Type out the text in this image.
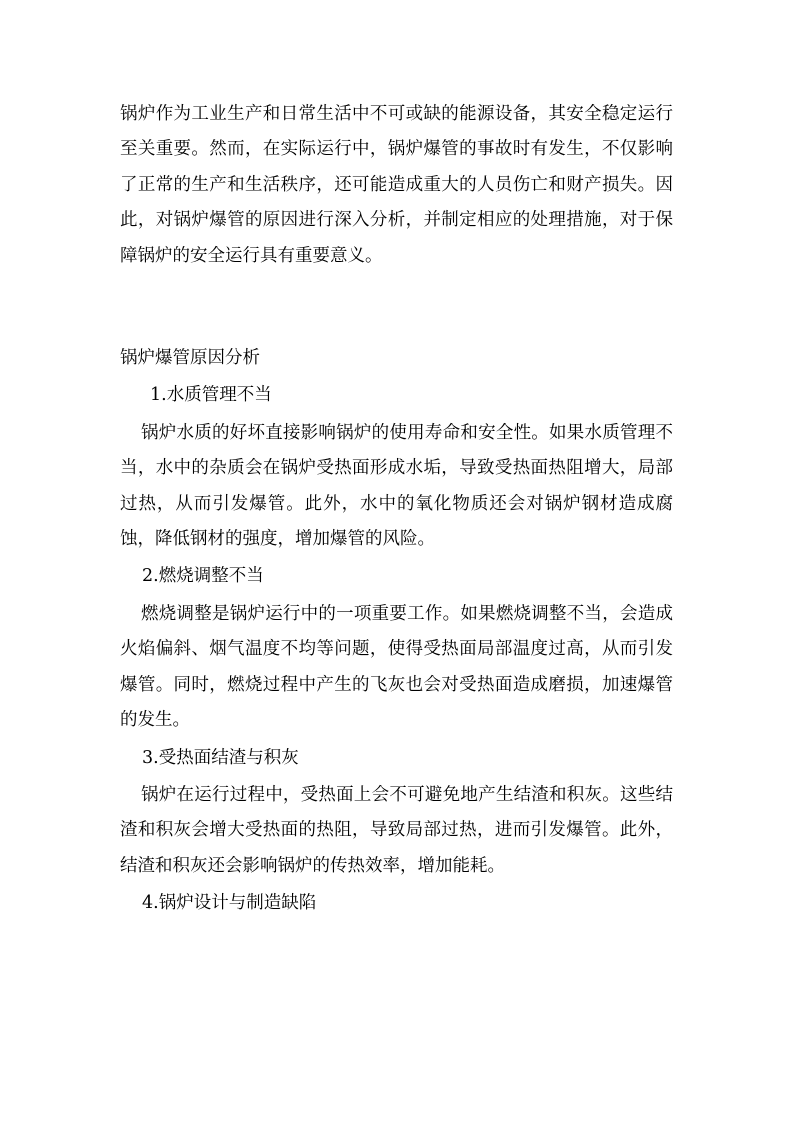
锅炉作为工业生产和日常生活中不可或缺的能源设备，其安全稳定运行至关重要。然而，在实际运行中，锅炉爆管的事故时有发生，不仅影响了正常的生产和生活秩序，还可能造成重大的人员伤亡和财产损失。因此，对锅炉爆管的原因进行深入分析，并制定相应的处理措施，对于保障锅炉的安全运行具有重要意义。

锅炉爆管原因分析

1.水质管理不当

锅炉水质的好坏直接影响锅炉的使用寿命和安全性。如果水质管理不当，水中的杂质会在锅炉受热面形成水垢，导致受热面热阻增大，局部过热，从而引发爆管。此外，水中的氧化物质还会对锅炉钢材造成腐蚀，降低钢材的强度，增加爆管的风险。

2.燃烧调整不当

燃烧调整是锅炉运行中的一项重要工作。如果燃烧调整不当，会造成火焰偏斜、烟气温度不均等问题，使得受热面局部温度过高，从而引发爆管。同时，燃烧过程中产生的飞灰也会对受热面造成磨损，加速爆管的发生。

3.受热面结渣与积灰

锅炉在运行过程中，受热面上会不可避免地产生结渣和积灰。这些结渣和积灰会增大受热面的热阻，导致局部过热，进而引发爆管。此外，结渣和积灰还会影响锅炉的传热效率，增加能耗。

4.锅炉设计与制造缺陷
